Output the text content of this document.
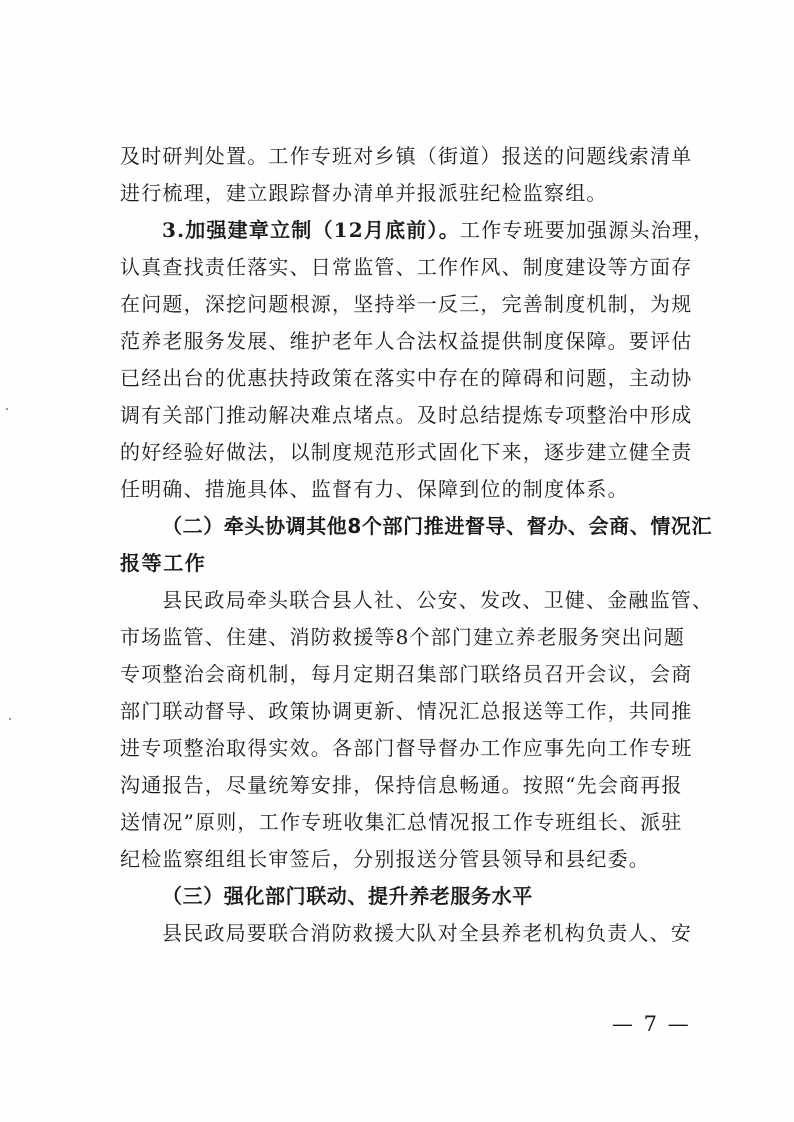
及时研判处置。工作专班对乡镇（街道）报送的问题线索清单
进行梳理，建立跟踪督办清单并报派驻纪检监察组。
3.加强建章立制（12月底前）。工作专班要加强源头治理，
认真查找责任落实、日常监管、工作作风、制度建设等方面存
在问题，深挖问题根源，坚持举一反三，完善制度机制，为规
范养老服务发展、维护老年人合法权益提供制度保障。要评估
已经出台的优惠扶持政策在落实中存在的障碍和问题，主动协
调有关部门推动解决难点堵点。及时总结提炼专项整治中形成
的好经验好做法，以制度规范形式固化下来，逐步建立健全责
任明确、措施具体、监督有力、保障到位的制度体系。
（二）牵头协调其他8个部门推进督导、督办、会商、情况汇
报等工作
县民政局牵头联合县人社、公安、发改、卫健、金融监管、
市场监管、住建、消防救援等8个部门建立养老服务突出问题
专项整治会商机制，每月定期召集部门联络员召开会议，会商
部门联动督导、政策协调更新、情况汇总报送等工作，共同推
进专项整治取得实效。各部门督导督办工作应事先向工作专班
沟通报告，尽量统筹安排，保持信息畅通。按照“先会商再报
送情况”原则，工作专班收集汇总情况报工作专班组长、派驻
纪检监察组组长审签后，分别报送分管县领导和县纪委。
（三）强化部门联动、提升养老服务水平
县民政局要联合消防救援大队对全县养老机构负责人、安
— 7 —
